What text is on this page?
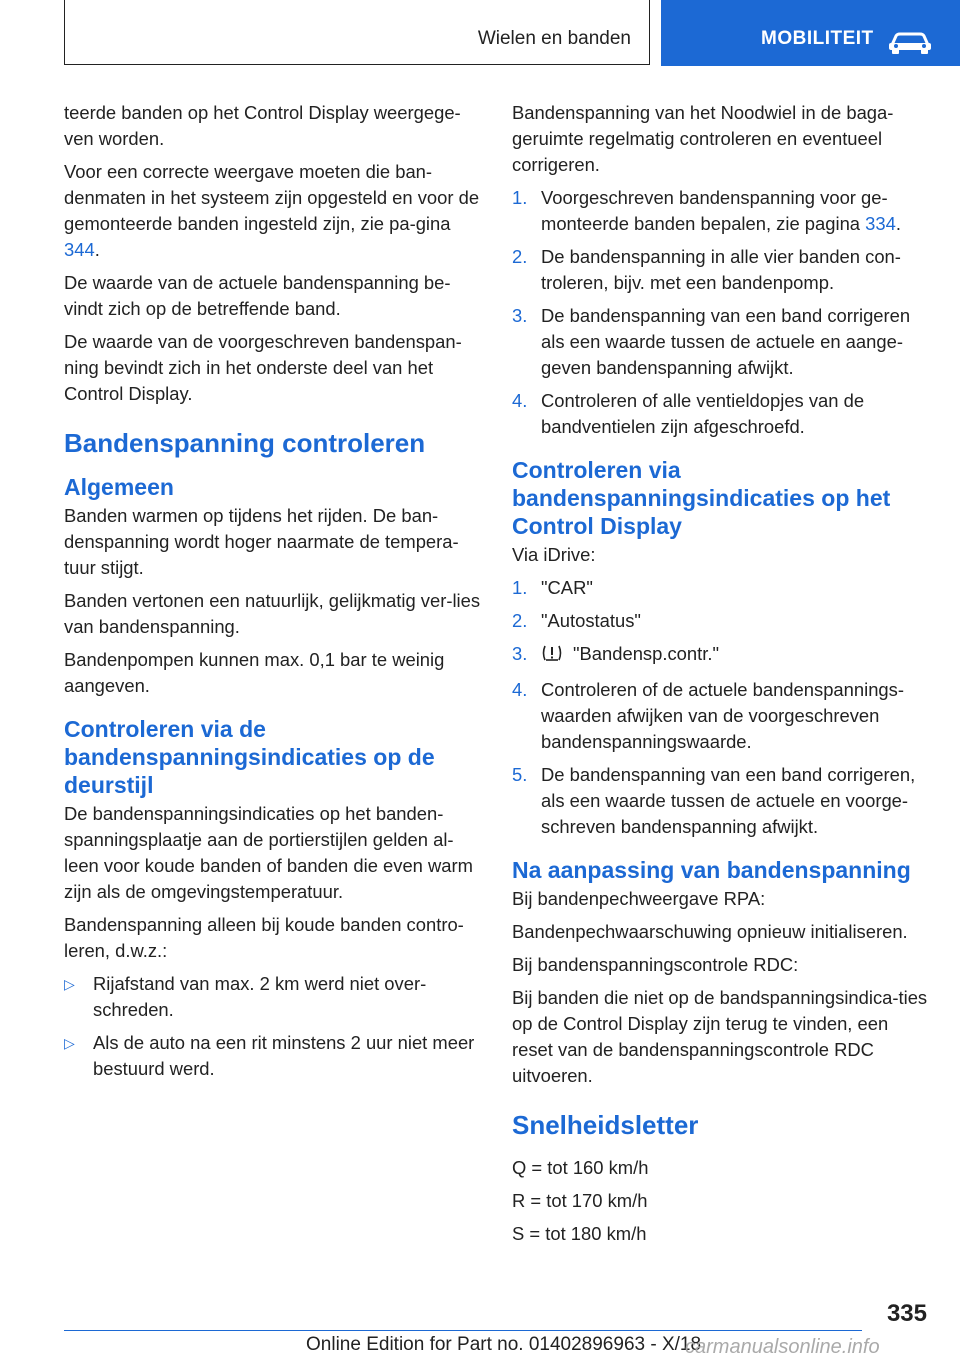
Wielen en banden	MOBILITEIT

teerde banden op het Control Display weergege-ven worden.

Voor een correcte weergave moeten die ban-denmaten in het systeem zijn opgesteld en voor de gemonteerde banden ingesteld zijn, zie pa-gina 344.

De waarde van de actuele bandenspanning be-vindt zich op de betreffende band.

De waarde van de voorgeschreven bandenspan-ning bevindt zich in het onderste deel van het Control Display.

Bandenspanning controleren
Algemeen

Banden warmen op tijdens het rijden. De ban-denspanning wordt hoger naarmate de tempera-tuur stijgt.

Banden vertonen een natuurlijk, gelijkmatig ver-lies van bandenspanning.

Bandenpompen kunnen max. 0,1 bar te weinig aangeven.

Controleren via de bandenspanningsindicaties op de deurstijl

De bandenspanningsindicaties op het banden-spanningsplaatje aan de portierstijlen gelden al-leen voor koude banden of banden die even warm zijn als de omgevingstemperatuur.

Bandenspanning alleen bij koude banden contro-leren, d.w.z.:

▷ Rijafstand van max. 2 km werd niet over-schreden.
▷ Als de auto na een rit minstens 2 uur niet meer bestuurd werd.

Bandenspanning van het Noodwiel in de baga-geruimte regelmatig controleren en eventueel corrigeren.

1. Voorgeschreven bandenspanning voor ge-monteerde banden bepalen, zie pagina 334.
2. De bandenspanning in alle vier banden con-troleren, bijv. met een bandenpomp.
3. De bandenspanning van een band corrigeren als een waarde tussen de actuele en aange-geven bandenspanning afwijkt.
4. Controleren of alle ventieldopjes van de bandventielen zijn afgeschroefd.
Controleren via bandenspanningsindicaties op het Control Display

Via iDrive:

1. "CAR"
2. "Autostatus"
3. "Bandensp.contr."
4. Controleren of de actuele bandenspannings-waarden afwijken van de voorgeschreven bandenspanningswaarde.
5. De bandenspanning van een band corrigeren, als een waarde tussen de actuele en voorge-schreven bandenspanning afwijkt.
Na aanpassing van bandenspanning

Bij bandenpechweergave RPA:

Bandenpechwaarschuwing opnieuw initialiseren.

Bij bandenspanningscontrole RDC:

Bij banden die niet op de bandspanningsindica-ties op de Control Display zijn terug te vinden, een reset van de bandenspanningscontrole RDC uitvoeren.

Snelheidsletter

Q = tot 160 km/h

R = tot 170 km/h

S = tot 180 km/h

335
Online Edition for Part no. 01402896963 - X/18
carmanualsonline.info
